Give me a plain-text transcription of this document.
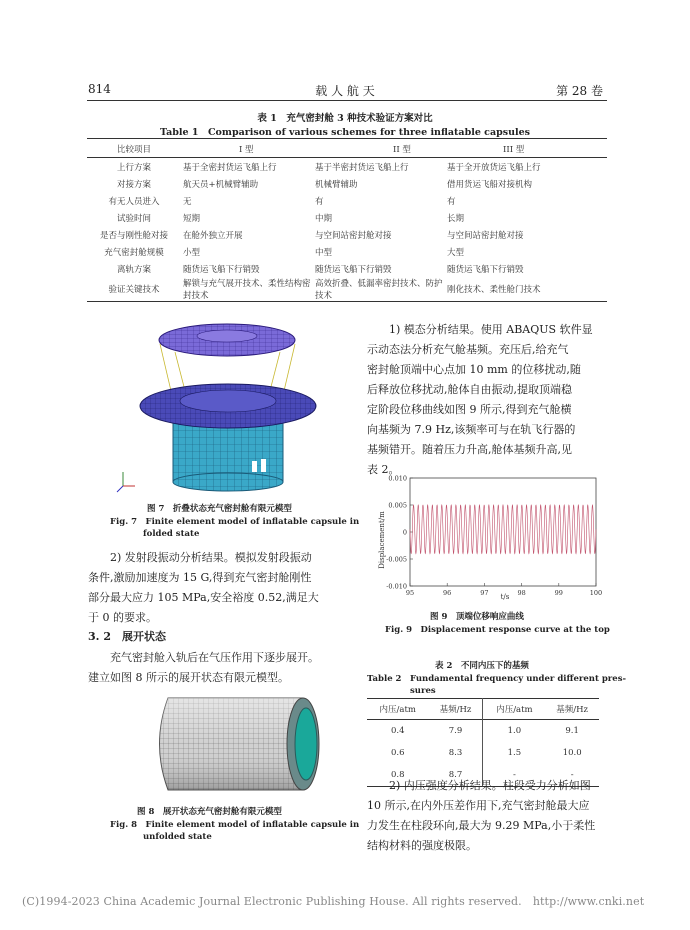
814	载 人 航 天	第 28 卷
表 1　充气密封舱 3 种技术验证方案对比
Table 1　Comparison of various schemes for three inflatable capsules
比较项目	I 型	II 型	III 型
上行方案	基于全密封货运飞船上行	基于半密封货运飞船上行	基于全开放货运飞船上行
对接方案	航天员+机械臂辅助	机械臂辅助	借用货运飞船对接机构
有无人员进入	无	有	有
试验时间	短期	中期	长期
是否与刚性舱对接	在舱外独立开展	与空间站密封舱对接	与空间站密封舱对接
充气密封舱规模	小型	中型	大型
离轨方案	随货运飞船下行销毁	随货运飞船下行销毁	随货运飞船下行销毁
验证关键技术	解锁与充气展开技术、柔性结构密封技术	高效折叠、低漏率密封技术、防护技术	刚化技术、柔性舱门技术
图 7　折叠状态充气密封舱有限元模型
Fig. 7　Finite element model of inflatable capsule in
folded state
2) 发射段振动分析结果。模拟发射段振动
条件,激励加速度为 15 G,得到充气密封舱刚性
部分最大应力 105 MPa,安全裕度 0.52,满足大
于 0 的要求。
3. 2　展开状态
充气密封舱入轨后在气压作用下逐步展开。
建立如图 8 所示的展开状态有限元模型。
图 8　展开状态充气密封舱有限元模型
Fig. 8　Finite element model of inflatable capsule in
unfolded state
1) 模态分析结果。使用 ABAQUS 软件显
示动态法分析充气舱基频。充压后,给充气
密封舱顶端中心点加 10 mm 的位移扰动,随
后释放位移扰动,舱体自由振动,提取顶端稳
定阶段位移曲线如图 9 所示,得到充气舱横
向基频为 7.9 Hz,该频率可与在轨飞行器的
基频错开。随着压力升高,舱体基频升高,见
表 2。
Displacement/m
t/s
95	96	97	98	99	100
0.010
0.005
0
-0.005
-0.010
图 9　顶端位移响应曲线
Fig. 9　Displacement response curve at the top
表 2　不同内压下的基频
Table 2　Fundamental frequency under different pres-
sures
内压/atm	基频/Hz	内压/atm	基频/Hz
0.4	7.9	1.0	9.1
0.6	8.3	1.5	10.0
0.8	8.7	-	-
2) 内压强度分析结果。柱段受力分析如图
10 所示,在内外压差作用下,充气密封舱最大应
力发生在柱段环向,最大为 9.29 MPa,小于柔性
结构材料的强度极限。
(C)1994-2023 China Academic Journal Electronic Publishing House. All rights reserved.　http://www.cnki.net
